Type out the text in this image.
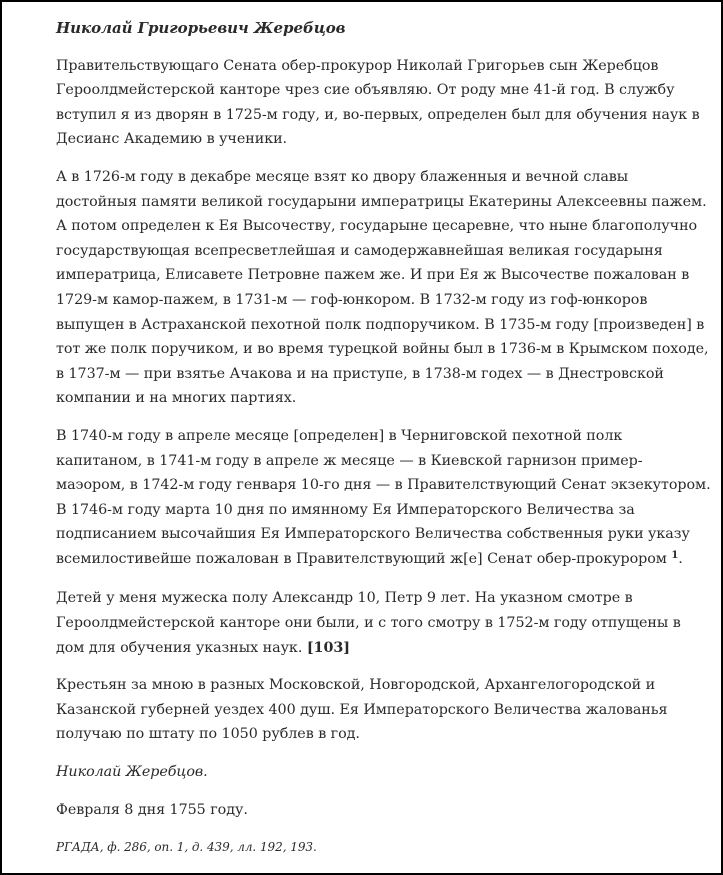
Николай Григорьевич Жеребцов

Правительствующаго Сената обер-прокурор Николай Григорьев сын Жеребцов Героолдмейстерской канторе чрез сие объявляю. От роду мне 41-й год. В службу вступил я из дворян в 1725-м году, и, во-первых, определен был для обучения наук в Десианс Академию в ученики.

А в 1726-м году в декабре месяце взят ко двору блаженныя и вечной славы достойныя памяти великой государыни императрицы Екатерины Алексеевны пажем. А потом определен к Ея Высочеству, государыне цесаревне, что ныне благополучно государствующая всепресветлейшая и самодержавнейшая великая государыня императрица, Елисавете Петровне пажем же. И при Ея ж Высочестве пожалован в 1729-м камор-пажем, в 1731-м — гоф-юнкором. В 1732-м году из гоф-юнкоров выпущен в Астраханской пехотной полк подпоручиком. В 1735-м году [произведен] в тот же полк поручиком, и во время турецкой войны был в 1736-м в Крымском походе, в 1737-м — при взятье Ачакова и на приступе, в 1738-м годех — в Днестровской компании и на многих партиях.

В 1740-м году в апреле месяце [определен] в Черниговской пехотной полк капитаном, в 1741-м году в апреле ж месяце — в Киевской гарнизон пример-маэором, в 1742-м году генваря 10-го дня — в Правителствующий Сенат экзекутором. В 1746-м году марта 10 дня по имянному Ея Императорского Величества за подписанием высочайшия Ея Императорского Величества собственныя руки указу всемилостивейше пожалован в Правителствующий ж[е] Сенат обер-прокурором $^1$.

Детей у меня мужеска полу Александр 10, Петр 9 лет. На указном смотре в Героолдмейстерской канторе они были, и с того смотру в 1752-м году отпущены в дом для обучения указных наук. [103]

Крестьян за мною в разных Московской, Новгородской, Архангелогородской и Казанской губерней уездех 400 душ. Ея Императорского Величества жалованья получаю по штату по 1050 рублев в год.

Николай Жеребцов.

Февраля 8 дня 1755 году.

РГАДА, ф. 286, оп. 1, д. 439, лл. 192, 193.
